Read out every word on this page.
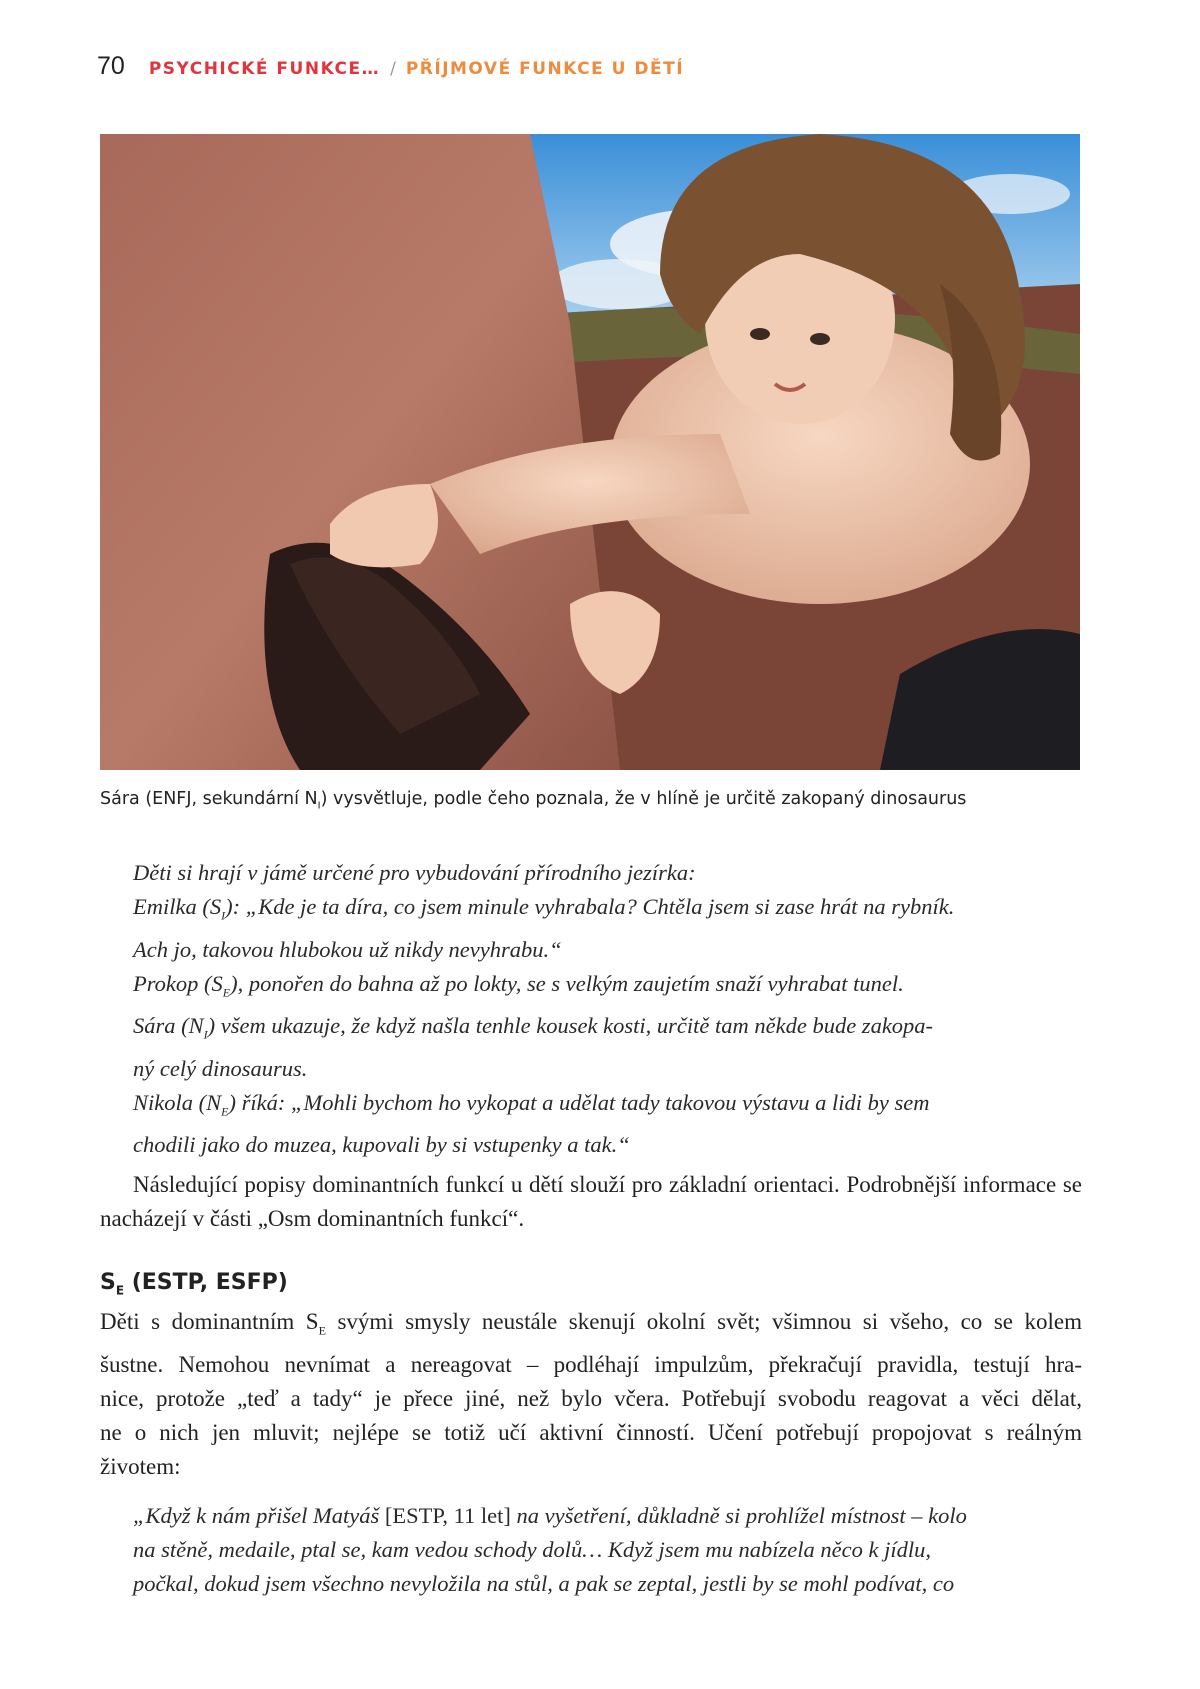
70 PSYCHICKÉ FUNKCE… / PŘÍJMOVÉ FUNKCE U DĚTÍ
Sára (ENFJ, sekundární $N_I$) vysvětluje, podle čeho poznala, že v hlíně je určitě zakopaný dinosaurus

Děti si hrají v jámě určené pro vybudování přírodního jezírka:

Emilka $(S_I)$: „Kde je ta díra, co jsem minule vyhrabala? Chtěla jsem si zase hrát na rybník.

Ach jo, takovou hlubokou už nikdy nevyhrabu.“

Prokop $(S_E)$, ponořen do bahna až po lokty, se s velkým zaujetím snaží vyhrabat tunel.

Sára $(N_I)$ všem ukazuje, že když našla tenhle kousek kosti, určitě tam někde bude zakopa-

ný celý dinosaurus.

Nikola $(N_E)$ říká: „Mohli bychom ho vykopat a udělat tady takovou výstavu a lidi by sem

chodili jako do muzea, kupovali by si vstupenky a tak.“

Následující popisy dominantních funkcí u dětí slouží pro základní orientaci. Podrobnější informace se nacházejí v části „Osm dominantních funkcí“.
$S_E$ (ESTP, ESFP)
Děti s dominantním $S_E$ svými smysly neustále skenují okolní svět; všimnou si všeho, co se kolem
šustne. Nemohou nevnímat a nereagovat – podléhají impulzům, překračují pravidla, testují hra-
nice, protože „teď a tady“ je přece jiné, než bylo včera. Potřebují svobodu reagovat a věci dělat,
ne o nich jen mluvit; nejlépe se totiž učí aktivní činností. Učení potřebují propojovat s reálným
životem:

„Když k nám přišel Matyáš [ESTP, 11 let] na vyšetření, důkladně si prohlížel místnost – kolo

na stěně, medaile, ptal se, kam vedou schody dolů… Když jsem mu nabízela něco k jídlu,

počkal, dokud jsem všechno nevyložila na stůl, a pak se zeptal, jestli by se mohl podívat, co
